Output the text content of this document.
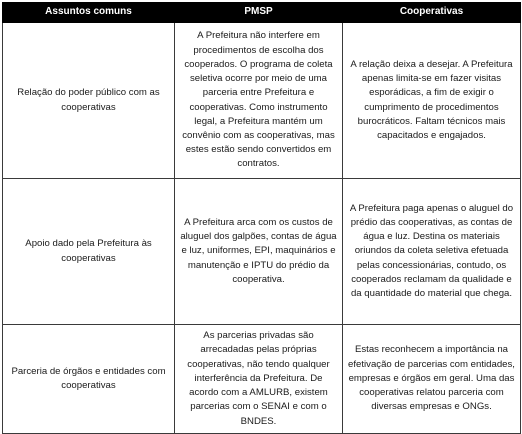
Assuntos comuns	PMSP	Cooperativas
Relação do poder público com as cooperativas	A Prefeitura não interfere em procedimentos de escolha dos cooperados. O programa de coleta seletiva ocorre por meio de uma parceria entre Prefeitura e cooperativas. Como instrumento legal, a Prefeitura mantém um convênio com as cooperativas, mas estes estão sendo convertidos em contratos.	A relação deixa a desejar. A Prefeitura apenas limita-se em fazer visitas esporádicas, a fim de exigir o cumprimento de procedimentos burocráticos. Faltam técnicos mais capacitados e engajados.
Apoio dado pela Prefeitura às cooperativas	A Prefeitura arca com os custos de aluguel dos galpões, contas de água e luz, uniformes, EPI, maquinários e manutenção e IPTU do prédio da cooperativa.	A Prefeitura paga apenas o aluguel do prédio das cooperativas, as contas de água e luz. Destina os materiais oriundos da coleta seletiva efetuada pelas concessionárias, contudo, os cooperados reclamam da qualidade e da quantidade do material que chega.
Parceria de órgãos e entidades com cooperativas	As parcerias privadas são arrecadadas pelas próprias cooperativas, não tendo qualquer interferência da Prefeitura. De acordo com a AMLURB, existem parcerias com o SENAI e com o BNDES.	Estas reconhecem a importância na efetivação de parcerias com entidades, empresas e órgãos em geral. Uma das cooperativas relatou parceria com diversas empresas e ONGs.
